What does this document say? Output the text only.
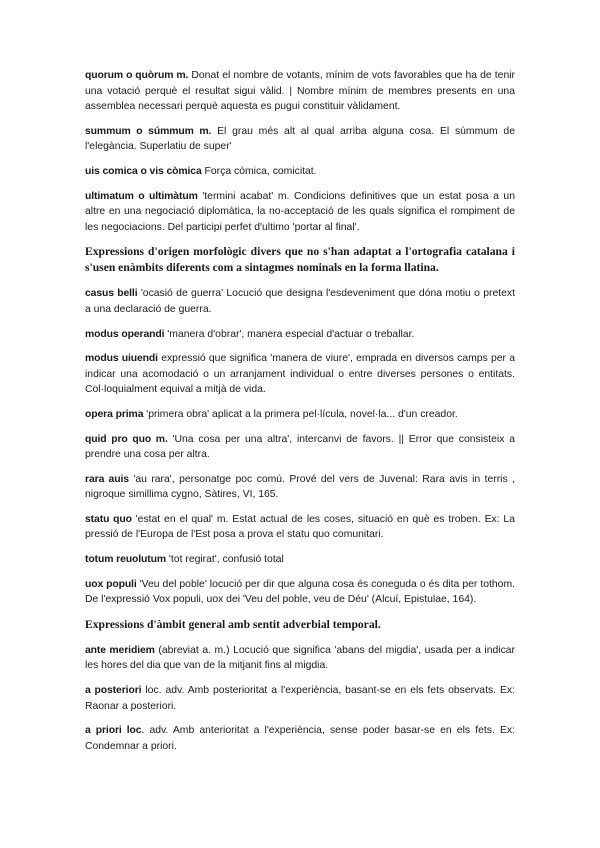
quorum o quòrum m. Donat el nombre de votants, mínim de vots favorables que ha de tenir una votació perquè el resultat sigui vàlid. | Nombre mínim de membres presents en una assemblea necessari perquè aquesta es pugui constituir vàlidament.

summum o súmmum m. El grau més alt al qual arriba alguna cosa. El súmmum de l'elegància. Superlatiu de super'

uis comica o vis còmica Força còmica, comicitat.

ultimatum o ultimàtum 'termini acabat' m. Condicions definitives que un estat posa a un altre en una negociació diplomàtica, la no-acceptació de les quals significa el rompiment de les negociacions. Del participi perfet d'ultimo 'portar al final'.

Expressions d'origen morfològic divers que no s'han adaptat a l'ortografia catalana i s'usen enàmbits diferents com a sintagmes nominals en la forma llatina.

casus belli 'ocasió de guerra' Locució que designa l'esdeveniment que dóna motiu o pretext a una declaració de guerra.

modus operandi 'manera d'obrar', manera especial d'actuar o treballar.

modus uiuendi expressió que significa 'manera de viure', emprada en diversos camps per a indicar una acomodació o un arranjament individual o entre diverses persones o entitats. Col·loquialment equival a mitjà de vida.

opera prima 'primera obra' aplicat a la primera pel·lícula, novel·la... d'un creador.

quid pro quo m. 'Una cosa per una altra', intercanvi de favors. || Error que consisteix a prendre una cosa per altra.

rara auis 'au rara', personatge poc comú. Prové del vers de Juvenal: Rara avis in terris , nigroque simillima cygno, Sàtires, VI, 165.

statu quo 'estat en el qual' m. Estat actual de les coses, situació en què es troben. Ex: La pressió de l'Europa de l'Est posa a prova el statu quo comunitari.

totum reuolutum 'tot regirat', confusió total

uox populi 'Veu del poble' locució per dir que alguna cosa és coneguda o és dita per tothom. De l'expressió Vox populi, uox dei 'Veu del poble, veu de Déu' (Alcuí, Epistulae, 164).

Expressions d'àmbit general amb sentit adverbial temporal.

ante meridiem (abreviat a. m.) Locució que significa 'abans del migdia', usada per a indicar les hores del dia que van de la mitjanit fins al migdia.

a posteriori loc. adv. Amb posterioritat a l'experiència, basant-se en els fets observats. Ex: Raonar a posteriori.

a priori loc. adv. Amb anterioritat a l'experiència, sense poder basar-se en els fets. Ex: Condemnar a priori.
